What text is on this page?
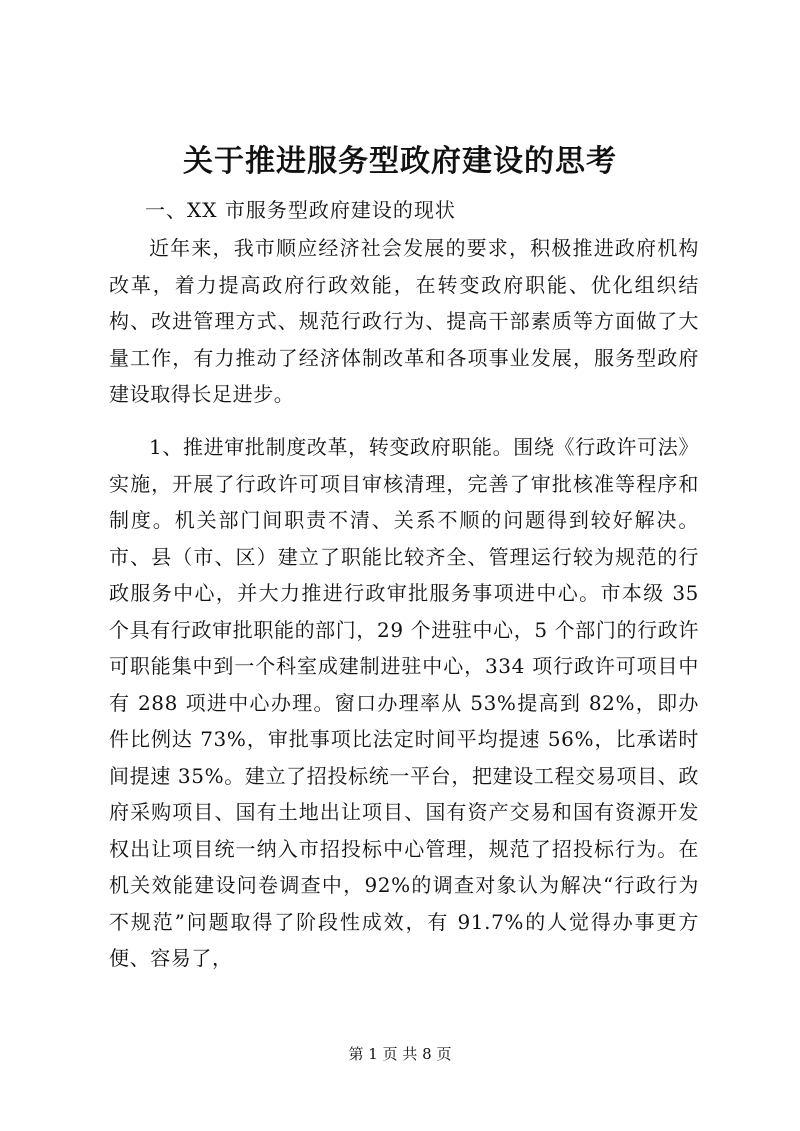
关于推进服务型政府建设的思考
一、XX 市服务型政府建设的现状

近年来，我市顺应经济社会发展的要求，积极推进政府机构改革，着力提高政府行政效能，在转变政府职能、优化组织结构、改进管理方式、规范行政行为、提高干部素质等方面做了大量工作，有力推动了经济体制改革和各项事业发展，服务型政府建设取得长足进步。

1、推进审批制度改革，转变政府职能。围绕《行政许可法》实施，开展了行政许可项目审核清理，完善了审批核准等程序和制度。机关部门间职责不清、关系不顺的问题得到较好解决。市、县（市、区）建立了职能比较齐全、管理运行较为规范的行政服务中心，并大力推进行政审批服务事项进中心。市本级 35 个具有行政审批职能的部门，29 个进驻中心，5 个部门的行政许可职能集中到一个科室成建制进驻中心，334 项行政许可项目中有 288 项进中心办理。窗口办理率从 53%提高到 82%，即办件比例达 73%，审批事项比法定时间平均提速 56%，比承诺时间提速 35%。建立了招投标统一平台，把建设工程交易项目、政府采购项目、国有土地出让项目、国有资产交易和国有资源开发权出让项目统一纳入市招投标中心管理，规范了招投标行为。在机关效能建设问卷调查中，92%的调查对象认为解决“行政行为不规范”问题取得了阶段性成效，有 91.7%的人觉得办事更方便、容易了，

第 1 页 共 8 页
